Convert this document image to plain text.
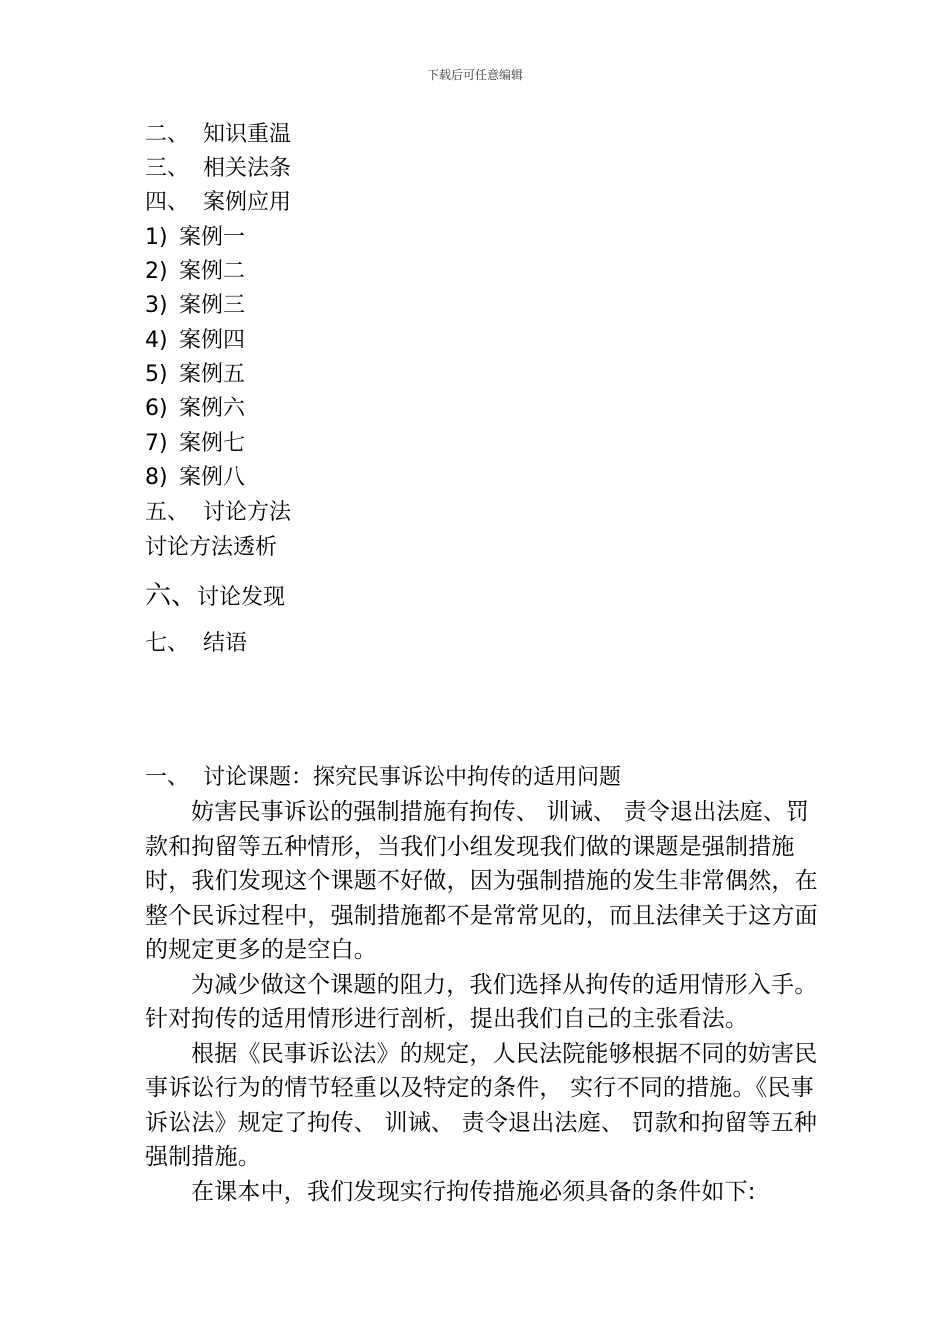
下载后可任意编辑
二、 知识重温
三、 相关法条
四、 案例应用
1) 案例一
2) 案例二
3) 案例三
4) 案例四
5) 案例五
6) 案例六
7) 案例七
8) 案例八
五、 讨论方法
讨论方法透析
六、讨论发现
七、 结语
一、 讨论课题：探究民事诉讼中拘传的适用问题

妨害民事诉讼的强制措施有拘传、 训诫、 责令退出法庭、罚款和拘留等五种情形，当我们小组发现我们做的课题是强制措施时，我们发现这个课题不好做，因为强制措施的发生非常偶然，在整个民诉过程中，强制措施都不是常常见的，而且法律关于这方面的规定更多的是空白。

为减少做这个课题的阻力，我们选择从拘传的适用情形入手。针对拘传的适用情形进行剖析，提出我们自己的主张看法。

根据《民事诉讼法》的规定，人民法院能够根据不同的妨害民事诉讼行为的情节轻重以及特定的条件， 实行不同的措施。《民事诉讼法》规定了拘传、 训诫、 责令退出法庭、 罚款和拘留等五种强制措施。

在课本中，我们发现实行拘传措施必须具备的条件如下:
